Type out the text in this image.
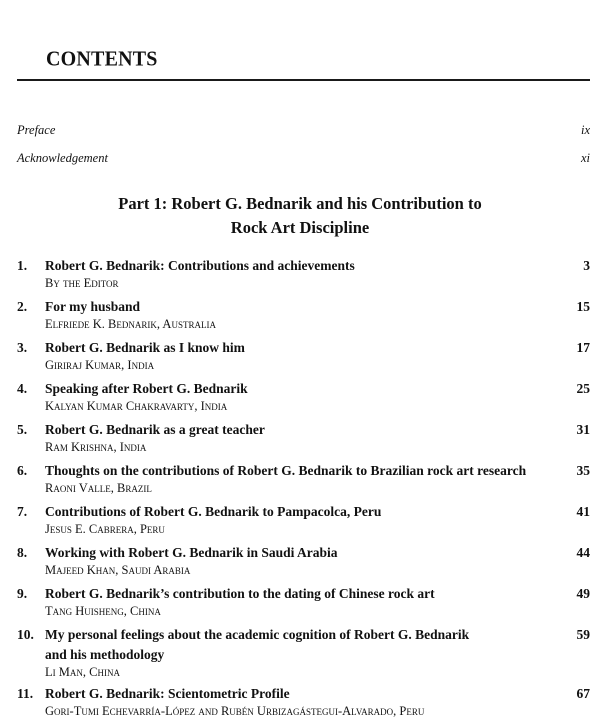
CONTENTS
Preface	ix
Acknowledgement	xi
Part 1: Robert G. Bednarik and his Contribution to
Rock Art Discipline
1. Robert G. Bednarik: Contributions and achievements
By the Editor
3
2. For my husband
Elfriede K. Bednarik, Australia
15
3. Robert G. Bednarik as I know him
Giriraj Kumar, India
17
4. Speaking after Robert G. Bednarik
Kalyan Kumar Chakravarty, India
25
5. Robert G. Bednarik as a great teacher
Ram Krishna, India
31
6. Thoughts on the contributions of Robert G. Bednarik to Brazilian rock art research
Raoni Valle, Brazil
35
7. Contributions of Robert G. Bednarik to Pampacolca, Peru
Jesus E. Cabrera, Peru
41
8. Working with Robert G. Bednarik in Saudi Arabia
Majeed Khan, Saudi Arabia
44
9. Robert G. Bednarik’s contribution to the dating of Chinese rock art
Tang Huisheng, China
49
10. My personal feelings about the academic cognition of Robert G. Bednarik
and his methodology
Li Man, China
59
11. Robert G. Bednarik: Scientometric Profile
Gori-Tumi Echevarría-López and Rubén Urbizagástegui-Alvarado, Peru
67
